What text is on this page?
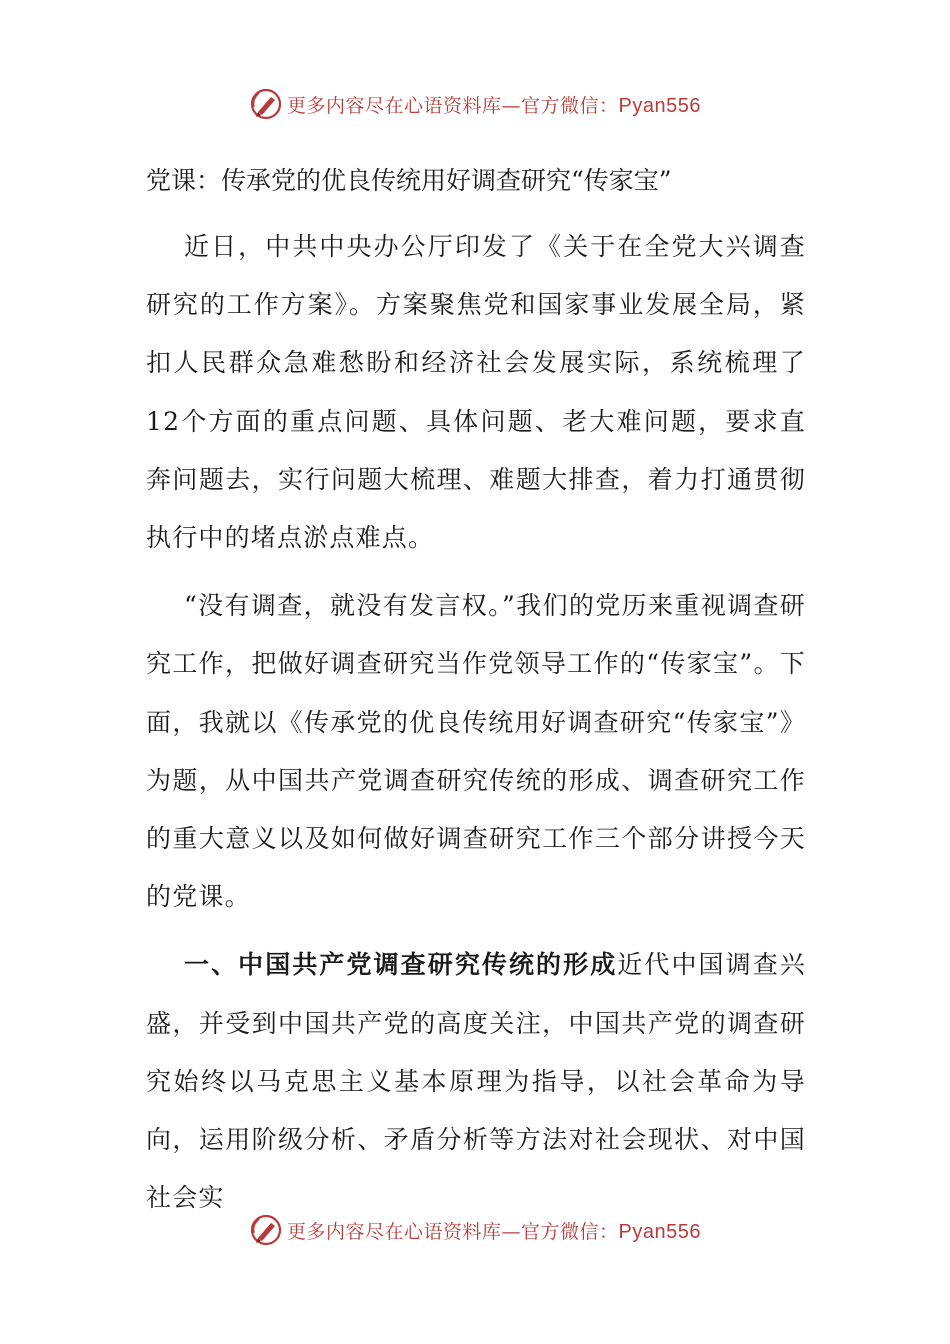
更多内容尽在心语资料库—官方微信：Pyan556
党课：传承党的优良传统用好调查研究“传家宝”

近日，中共中央办公厅印发了《关于在全党大兴调查研究的工作方案》。方案聚焦党和国家事业发展全局，紧扣人民群众急难愁盼和经济社会发展实际，系统梳理了12个方面的重点问题、具体问题、老大难问题，要求直奔问题去，实行问题大梳理、难题大排查，着力打通贯彻执行中的堵点淤点难点。

“没有调查，就没有发言权。”我们的党历来重视调查研究工作，把做好调查研究当作党领导工作的“传家宝”。下面，我就以《传承党的优良传统用好调查研究“传家宝”》为题，从中国共产党调查研究传统的形成、调查研究工作的重大意义以及如何做好调查研究工作三个部分讲授今天的党课。

一、中国共产党调查研究传统的形成近代中国调查兴盛，并受到中国共产党的高度关注，中国共产党的调查研究始终以马克思主义基本原理为指导，以社会革命为导向，运用阶级分析、矛盾分析等方法对社会现状、对中国社会实

更多内容尽在心语资料库—官方微信：Pyan556
